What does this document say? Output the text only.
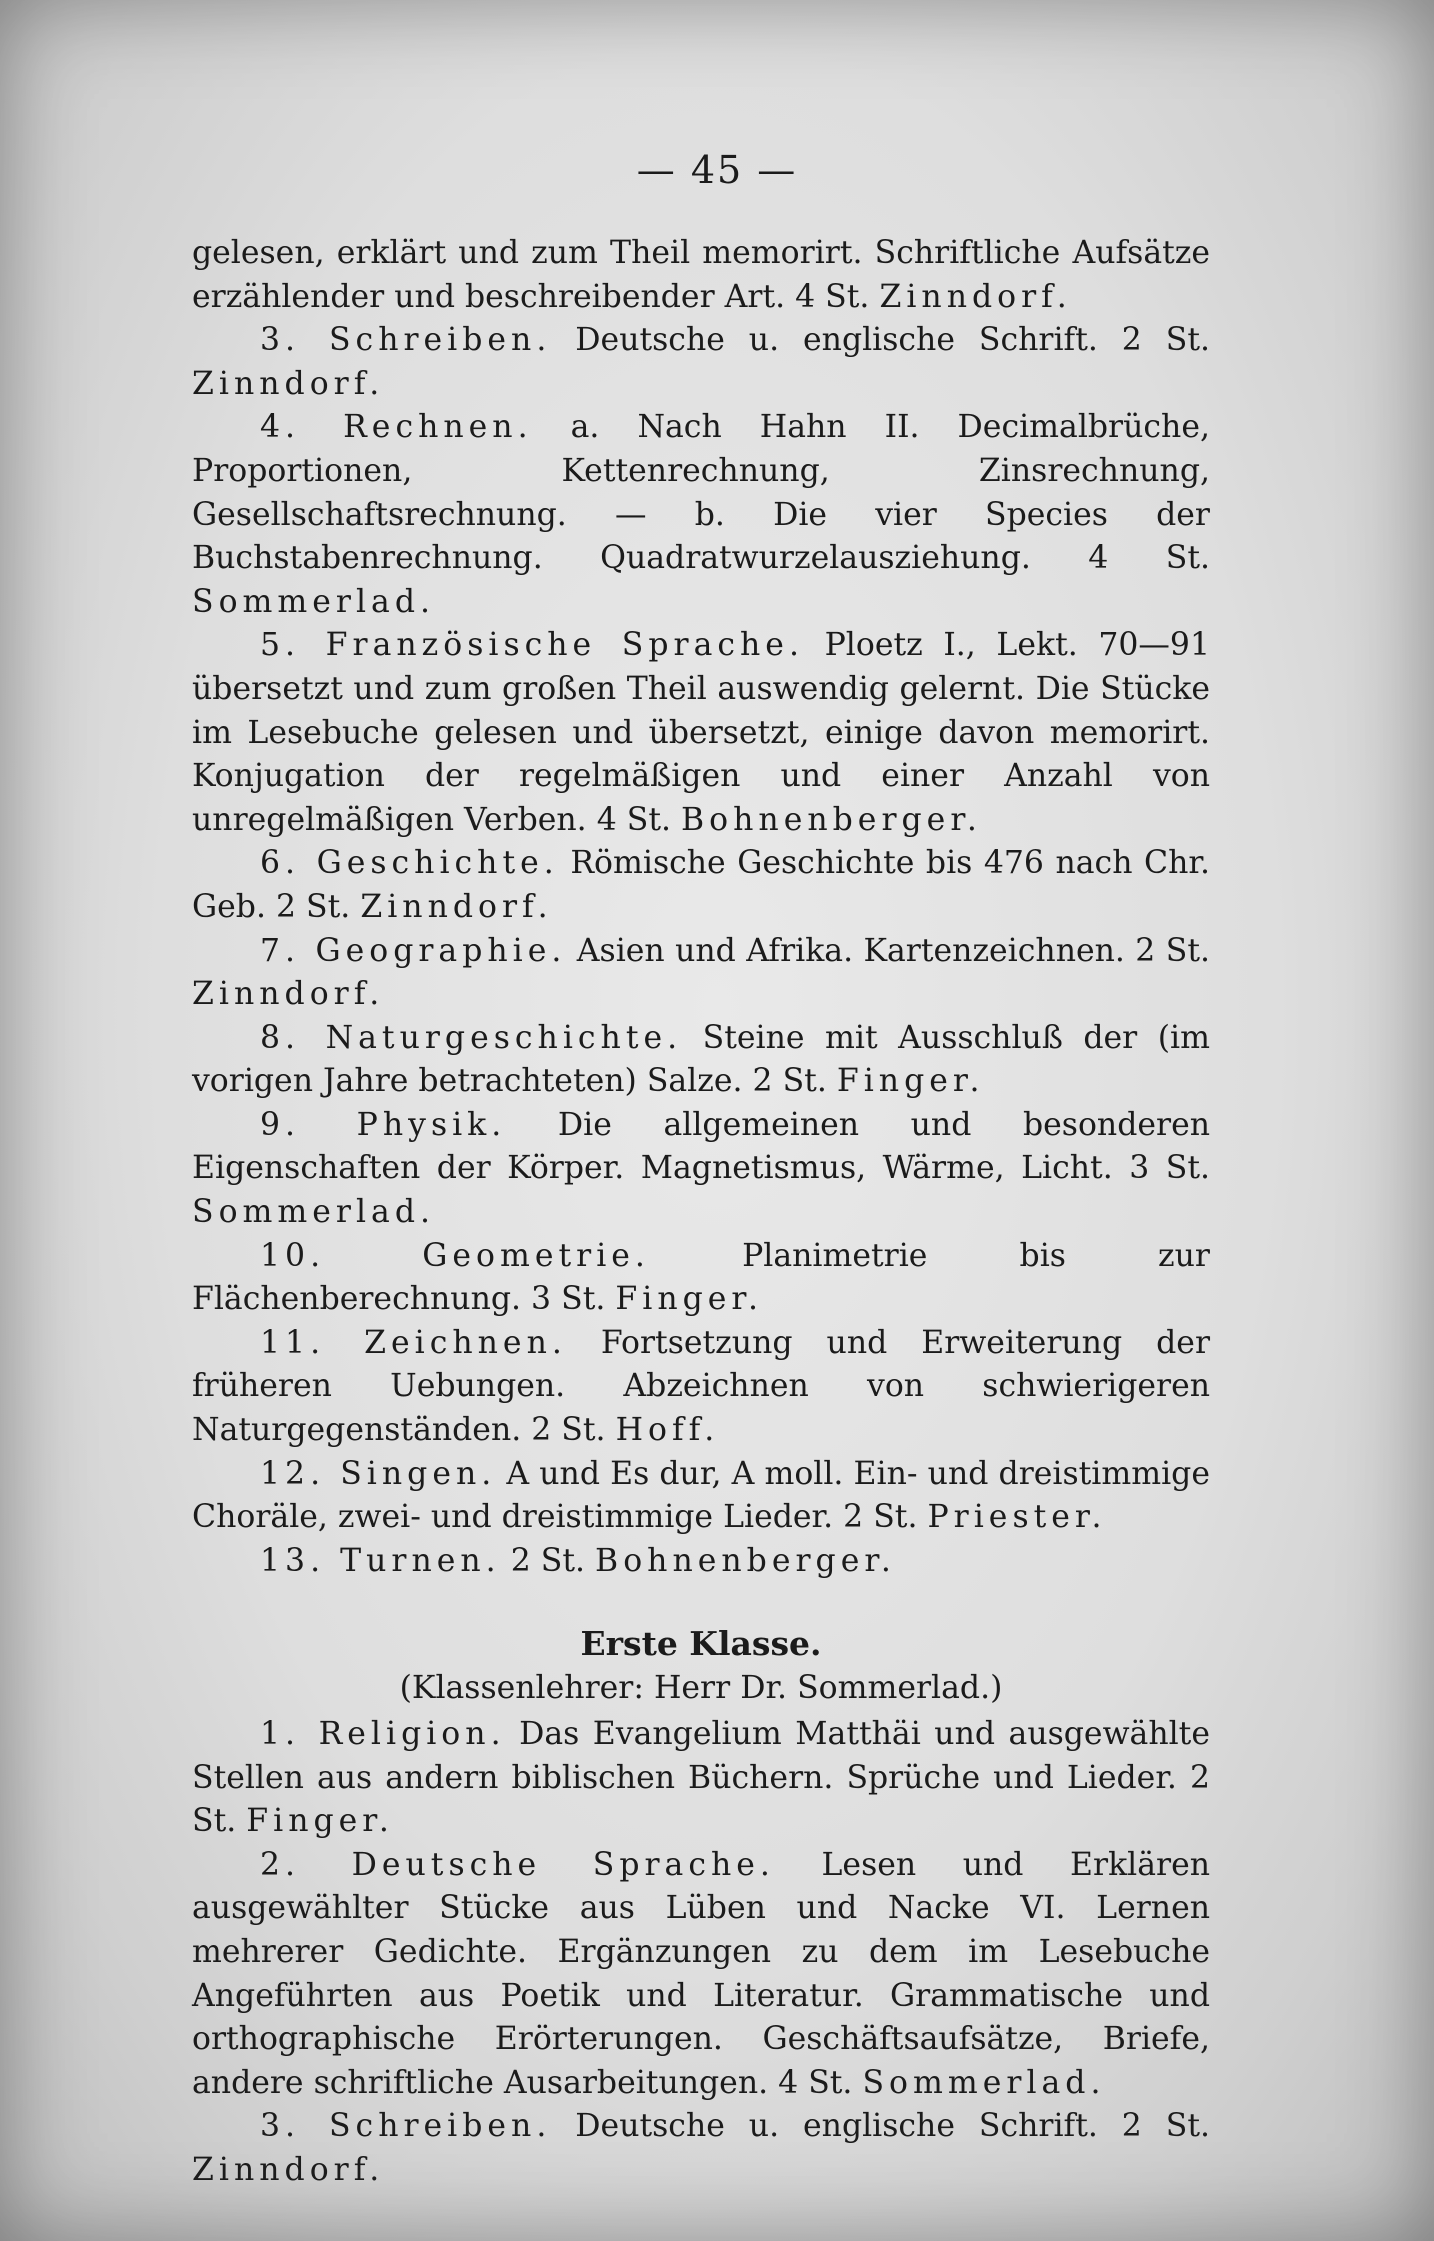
— 45 —

gelesen, erklärt und zum Theil memorirt. Schriftliche Aufsätze erzählender und beschreibender Art. 4 St. Zinndorf.

3. Schreiben. Deutsche u. englische Schrift. 2 St. Zinndorf.

4. Rechnen. a. Nach Hahn II. Decimalbrüche, Proportionen, Kettenrechnung, Zinsrechnung, Gesellschaftsrechnung. — b. Die vier Species der Buchstabenrechnung. Quadratwurzelausziehung. 4 St. Sommerlad.

5. Französische Sprache. Ploetz I., Lekt. 70—91 übersetzt und zum großen Theil auswendig gelernt. Die Stücke im Lesebuche gelesen und übersetzt, einige davon memorirt. Konjugation der regelmäßigen und einer Anzahl von unregelmäßigen Verben. 4 St. Bohnenberger.

6. Geschichte. Römische Geschichte bis 476 nach Chr. Geb. 2 St. Zinndorf.

7. Geographie. Asien und Afrika. Kartenzeichnen. 2 St. Zinndorf.

8. Naturgeschichte. Steine mit Ausschluß der (im vorigen Jahre betrachteten) Salze. 2 St. Finger.

9. Physik. Die allgemeinen und besonderen Eigenschaften der Körper. Magnetismus, Wärme, Licht. 3 St. Sommerlad.

10. Geometrie.	Planimetrie bis zur Flächenberechnung. 3 St. Finger.

11. Zeichnen. Fortsetzung und Erweiterung der früheren Uebungen. Abzeichnen von schwierigeren Naturgegenständen. 2 St. Hoff.

12. Singen. A und Es dur, A moll. Ein- und dreistimmige Choräle, zwei- und dreistimmige Lieder. 2 St. Priester.

13. Turnen. 2 St. Bohnenberger.

Erste Klasse.

(Klassenlehrer: Herr Dr. Sommerlad.)

1. Religion. Das Evangelium Matthäi und ausgewählte Stellen aus andern biblischen Büchern. Sprüche und Lieder. 2 St. Finger.

2. Deutsche Sprache. Lesen und Erklären ausgewählter Stücke aus Lüben und Nacke VI. Lernen mehrerer Gedichte. Ergänzungen zu dem im Lesebuche Angeführten aus Poetik und Literatur. Grammatische und orthographische Erörterungen. Geschäftsaufsätze, Briefe, andere schriftliche Ausarbeitungen. 4 St. Sommerlad.

3. Schreiben. Deutsche u. englische Schrift. 2 St. Zinndorf.
